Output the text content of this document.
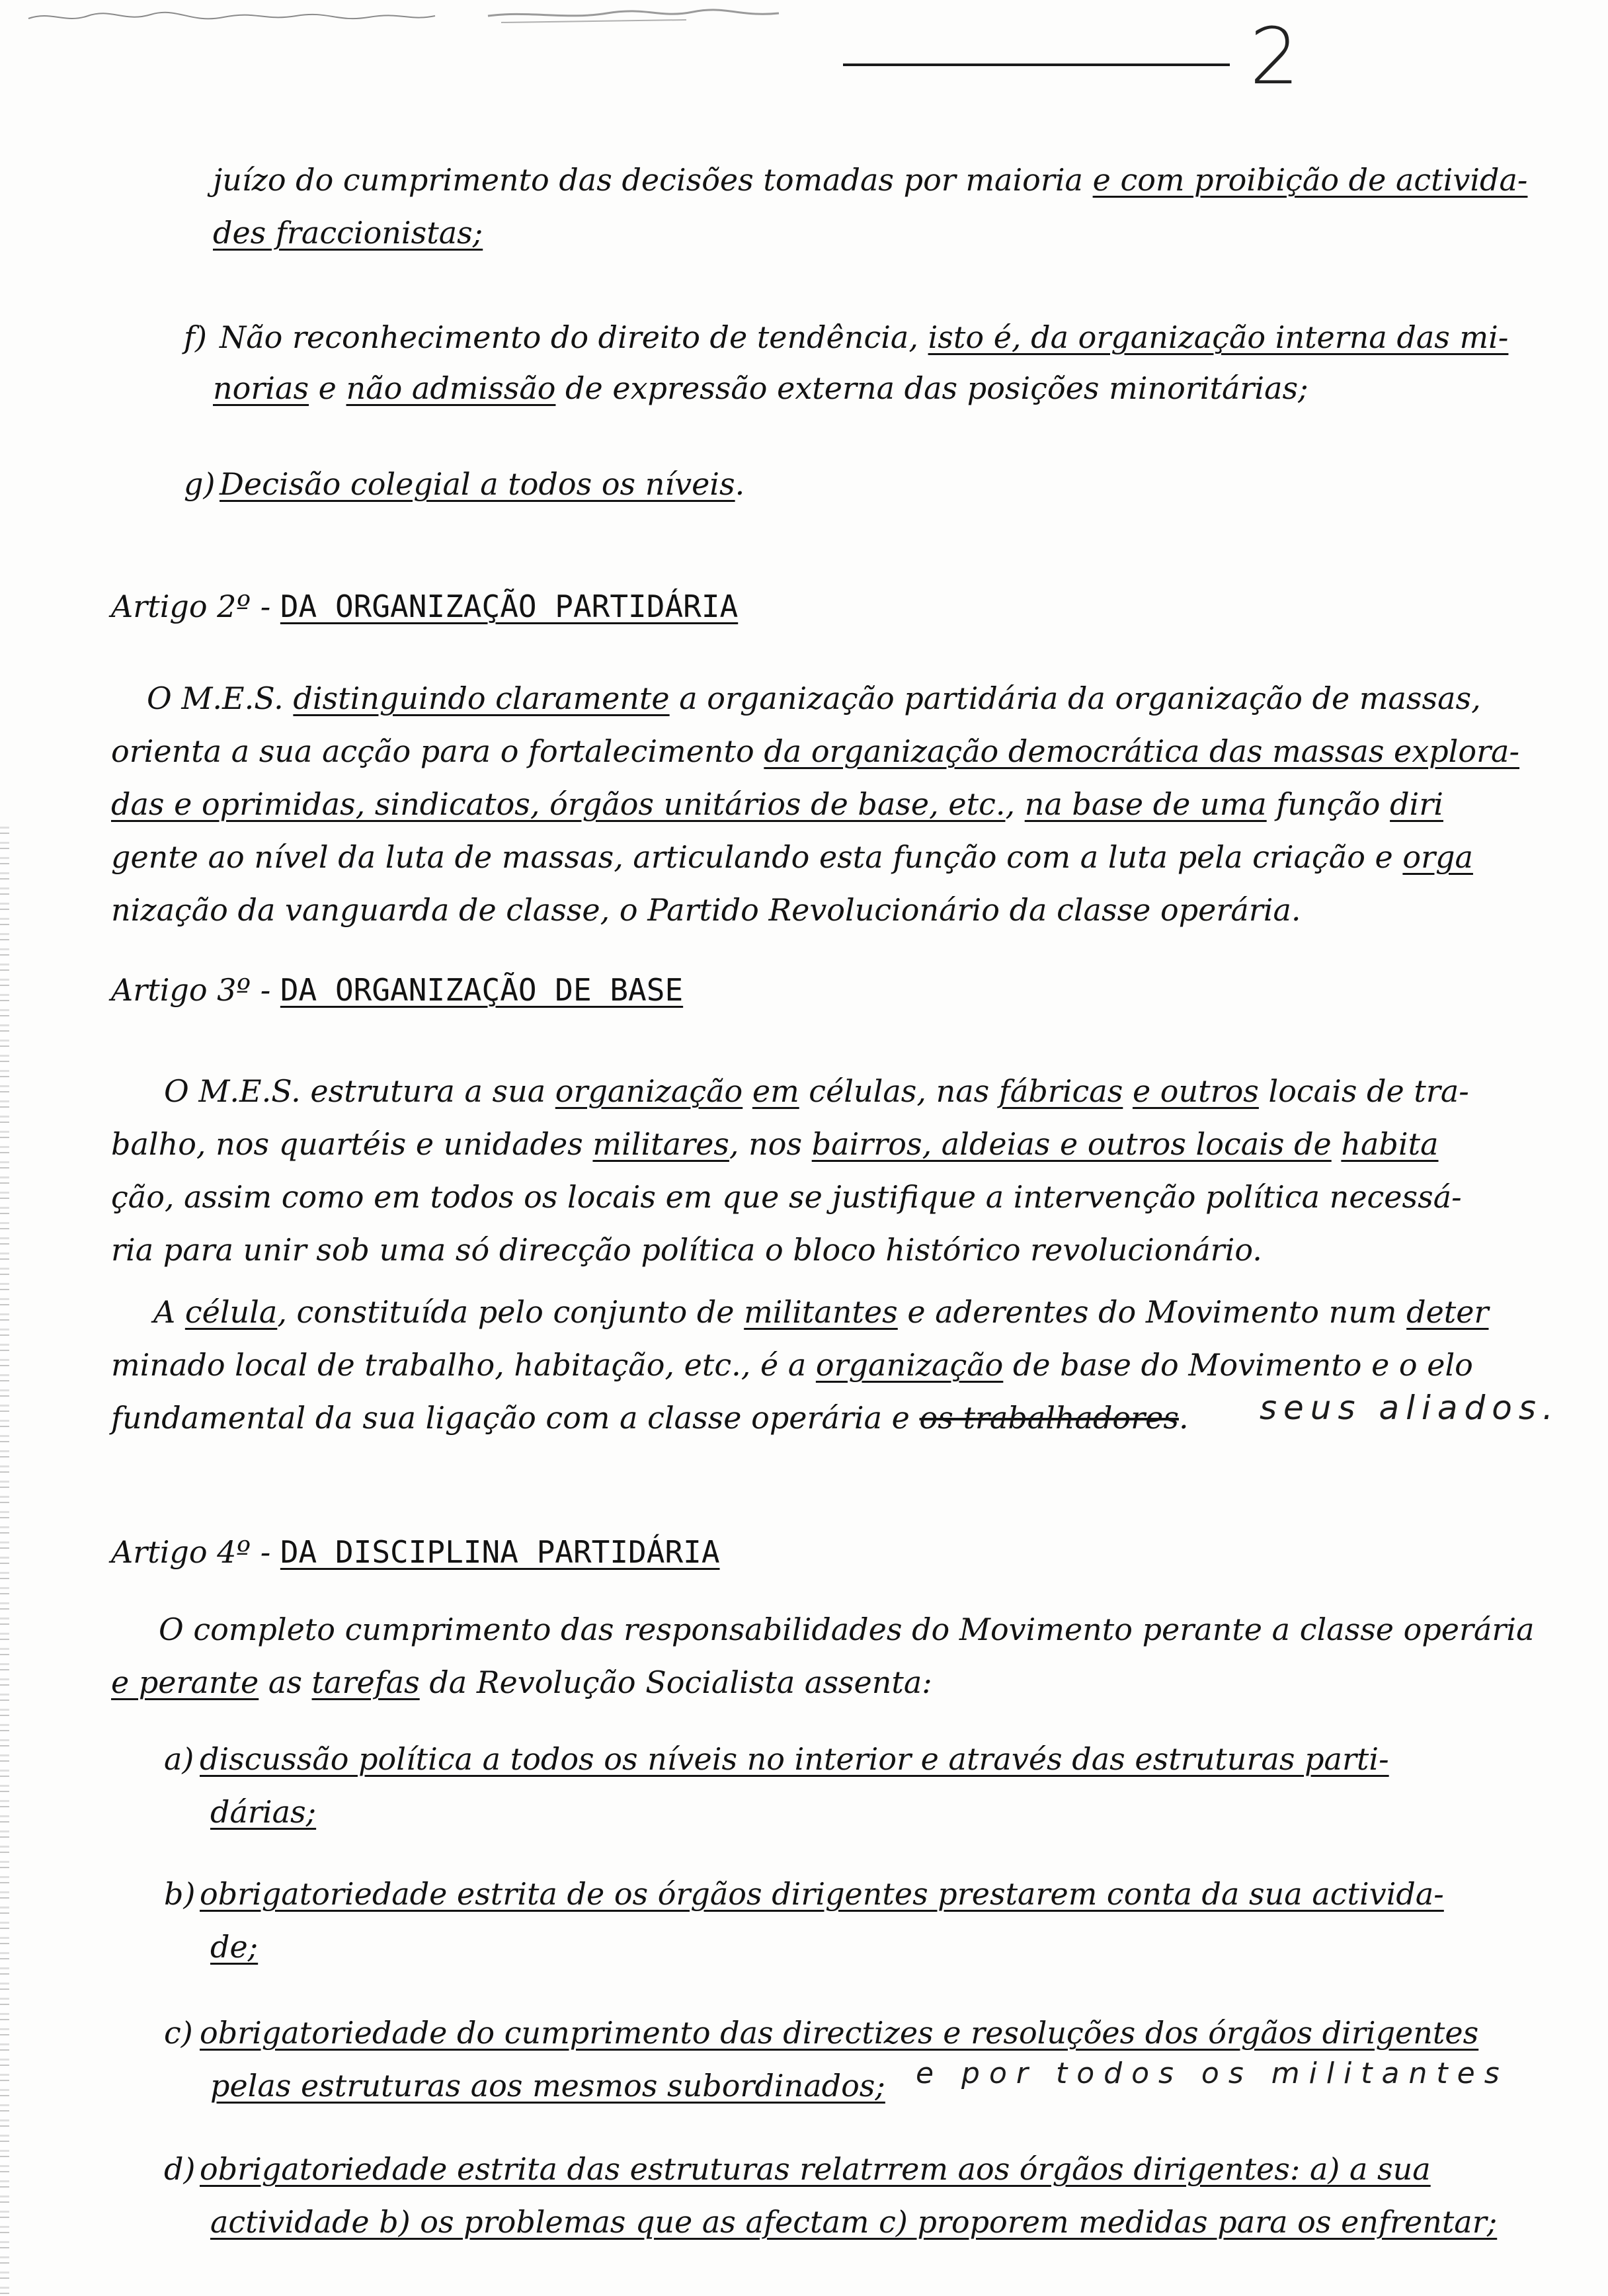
2
juízo do cumprimento das decisões tomadas por maioria e com proibição de activida-
des fraccionistas;
f) Não reconhecimento do direito de tendência, isto é, da organização interna das mi-
norias e não admissão de expressão externa das posições minoritárias;
g) Decisão colegial a todos os níveis.
Artigo 2º - DA ORGANIZAÇÃO PARTIDÁRIA
O M.E.S. distinguindo claramente a organização partidária da organização de massas,
orienta a sua acção para o fortalecimento da organização democrática das massas explora-
das e oprimidas, sindicatos, órgãos unitários de base, etc., na base de uma função diri
gente ao nível da luta de massas, articulando esta função com a luta pela criação e orga
nização da vanguarda de classe, o Partido Revolucionário da classe operária.
Artigo 3º - DA ORGANIZAÇÃO DE BASE
O M.E.S. estrutura a sua organização em células, nas fábricas e outros locais de tra-
balho, nos quartéis e unidades militares, nos bairros, aldeias e outros locais de habita
ção, assim como em todos os locais em que se justifique a intervenção política necessá-
ria para unir sob uma só direcção política o bloco histórico revolucionário.
A célula, constituída pelo conjunto de militantes e aderentes do Movimento num deter
minado local de trabalho, habitação, etc., é a organização de base do Movimento e o elo
fundamental da sua ligação com a classe operária e os trabalhadores. seus aliados.
Artigo 4º - DA DISCIPLINA PARTIDÁRIA
O completo cumprimento das responsabilidades do Movimento perante a classe operária
e perante as tarefas da Revolução Socialista assenta:
a) discussão política a todos os níveis no interior e através das estruturas parti-
dárias;
b) obrigatoriedade estrita de os órgãos dirigentes prestarem conta da sua activida-
de;
c) obrigatoriedade do cumprimento das directizes e resoluções dos órgãos dirigentes
pelas estruturas aos mesmos subordinados; e por todos os militantes
d) obrigatoriedade estrita das estruturas relatrrem aos órgãos dirigentes: a) a sua
actividade b) os problemas que as afectam c) proporem medidas para os enfrentar;
